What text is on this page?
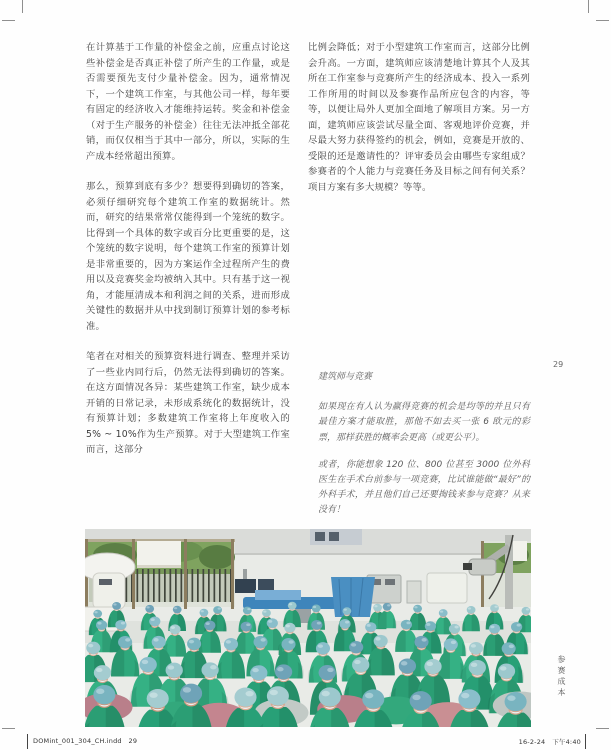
在计算基于工作量的补偿金之前，应重点讨论这些补偿金是否真正补偿了所产生的工作量，或是否需要预先支付少量补偿金。因为，通常情况下，一个建筑工作室，与其他公司一样，每年要有固定的经济收入才能维持运转。奖金和补偿金（对于生产服务的补偿金）往往无法冲抵全部花销，而仅仅相当于其中一部分，所以，实际的生产成本经常超出预算。

那么，预算到底有多少？想要得到确切的答案，必须仔细研究每个建筑工作室的数据统计。然而，研究的结果常常仅能得到一个笼统的数字。比得到一个具体的数字或百分比更重要的是，这个笼统的数字说明，每个建筑工作室的预算计划是非常重要的，因为方案运作全过程所产生的费用以及竞赛奖金均被纳入其中。只有基于这一视角，才能厘清成本和利润之间的关系，进而形成关键性的数据并从中找到制订预算计划的参考标准。

笔者在对相关的预算资料进行调查、整理并采访了一些业内同行后，仍然无法得到确切的答案。在这方面情况各异：某些建筑工作室，缺少成本开销的日常记录，未形成系统化的数据统计，没有预算计划；多数建筑工作室将上年度收入的5% ~ 10%作为生产预算。对于大型建筑工作室而言，这部分

比例会降低；对于小型建筑工作室而言，这部分比例会升高。一方面，建筑师应该清楚地计算其个人及其所在工作室参与竞赛所产生的经济成本、投入一系列工作所用的时间以及参赛作品所应包含的内容，等等，以便让局外人更加全面地了解项目方案。另一方面，建筑师应该尝试尽量全面、客观地评价竞赛，并尽最大努力获得签约的机会，例如，竞赛是开放的、受限的还是邀请性的？评审委员会由哪些专家组成？参赛者的个人能力与竞赛任务及目标之间有何关系？项目方案有多大规模？等等。

29

建筑师与竞赛

如果现在有人认为赢得竞赛的机会是均等的并且只有最佳方案才能取胜，那他不如去买一张 6 欧元的彩票，那样获胜的概率会更高（或更公平）。

或者，你能想象 120 位、800 位甚至 3000 位外科医生在手术台前参与一项竞赛，比试谁能做“最好”的外科手术，并且他们自己还要掏钱来参与竞赛？从来没有！

参赛成本
DOMint_001_304_CH.indd   29	16-2-24   下午4:40
